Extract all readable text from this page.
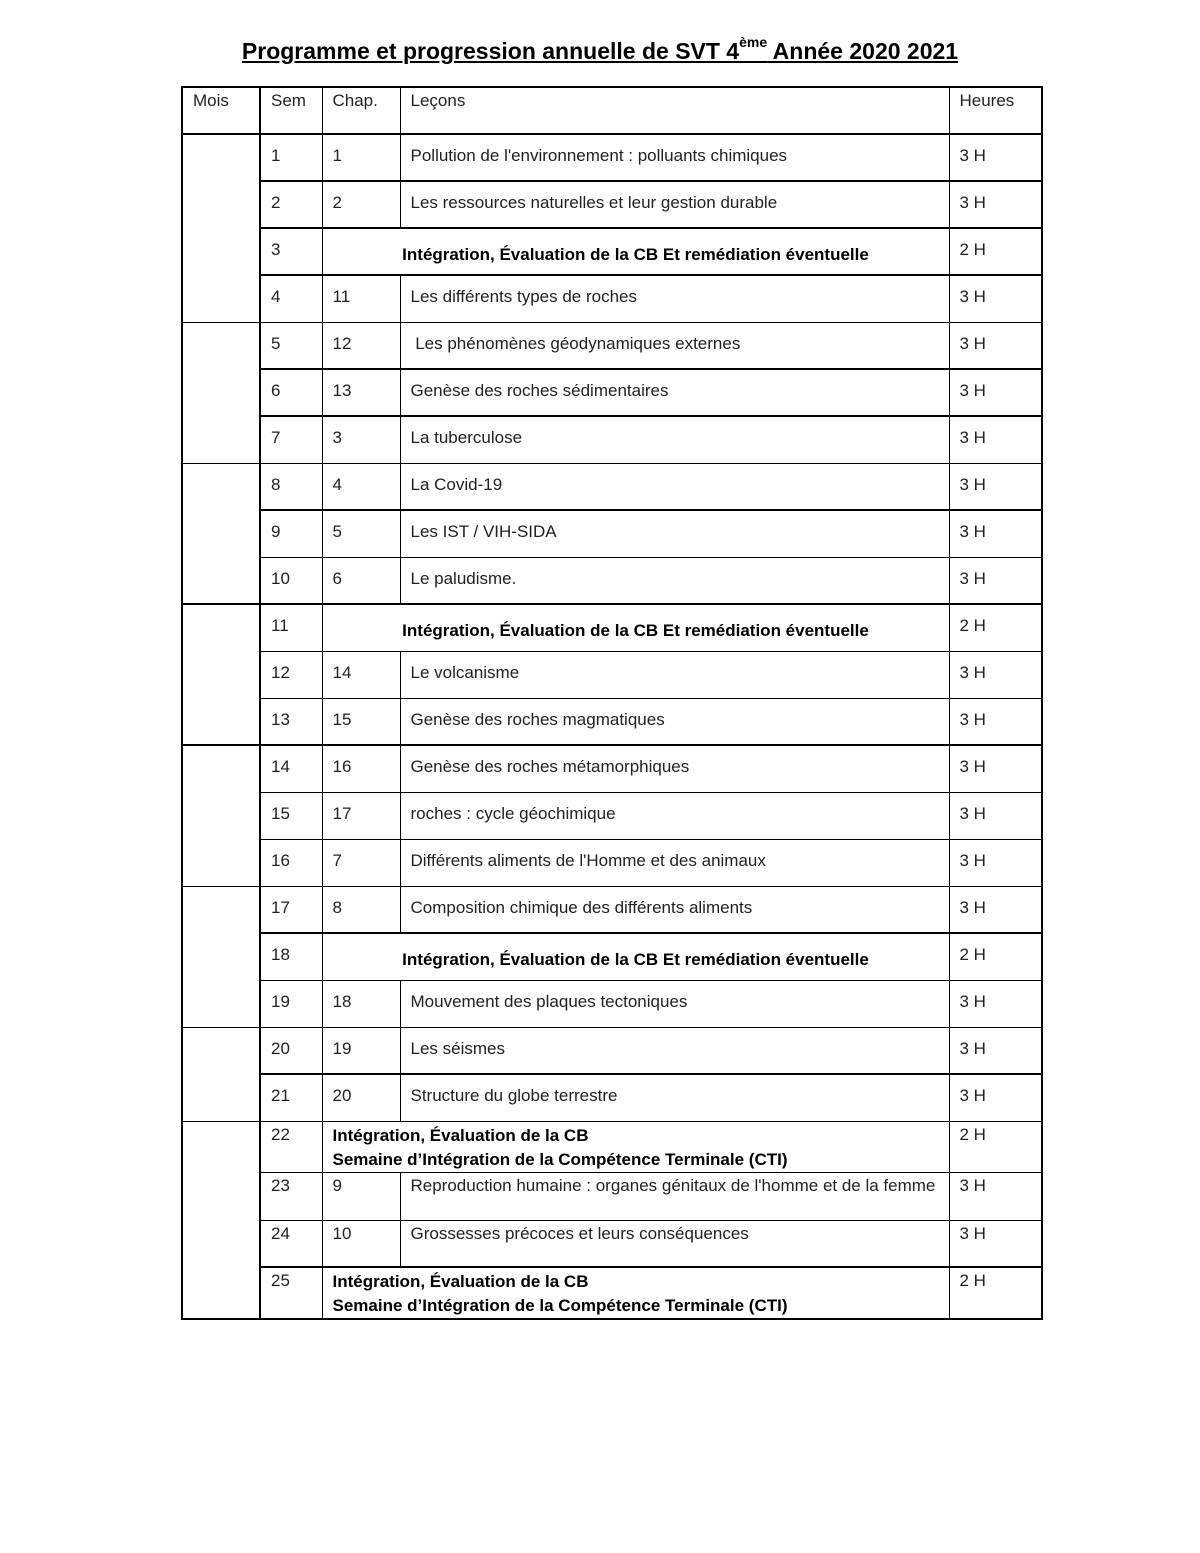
Programme et progression annuelle de SVT 4ème Année 2020 2021
Mois	Sem	Chap.	Leçons	Heures
	1	1	Pollution de l'environnement : polluants chimiques	3 H
	2	2	Les ressources naturelles et leur gestion durable	3 H
	3	Intégration, Évaluation de la CB Et remédiation éventuelle		2 H
	4	11	Les différents types de roches	3 H
	5	12	Les phénomènes géodynamiques externes	3 H
	6	13	Genèse des roches sédimentaires	3 H
	7	3	La tuberculose	3 H
	8	4	La Covid-19	3 H
	9	5	Les IST / VIH-SIDA	3 H
	10	6	Le paludisme.	3 H
	11	Intégration, Évaluation de la CB Et remédiation éventuelle		2 H
	12	14	Le volcanisme	3 H
	13	15	Genèse des roches magmatiques	3 H
	14	16	Genèse des roches métamorphiques	3 H
	15	17	roches : cycle géochimique	3 H
	16	7	Différents aliments de l'Homme et des animaux	3 H
	17	8	Composition chimique des différents aliments	3 H
	18	Intégration, Évaluation de la CB Et remédiation éventuelle		2 H
	19	18	Mouvement des plaques tectoniques	3 H
	20	19	Les séismes	3 H
	21	20	Structure du globe terrestre	3 H
	22	Intégration, Évaluation de la CB
Semaine d’Intégration de la Compétence Terminale (CTI)		2 H
	23	9	Reproduction humaine : organes génitaux de l'homme et de la femme	3 H
	24	10	Grossesses précoces et leurs conséquences	3 H
	25	Intégration, Évaluation de la CB
Semaine d’Intégration de la Compétence Terminale (CTI)		2 H
